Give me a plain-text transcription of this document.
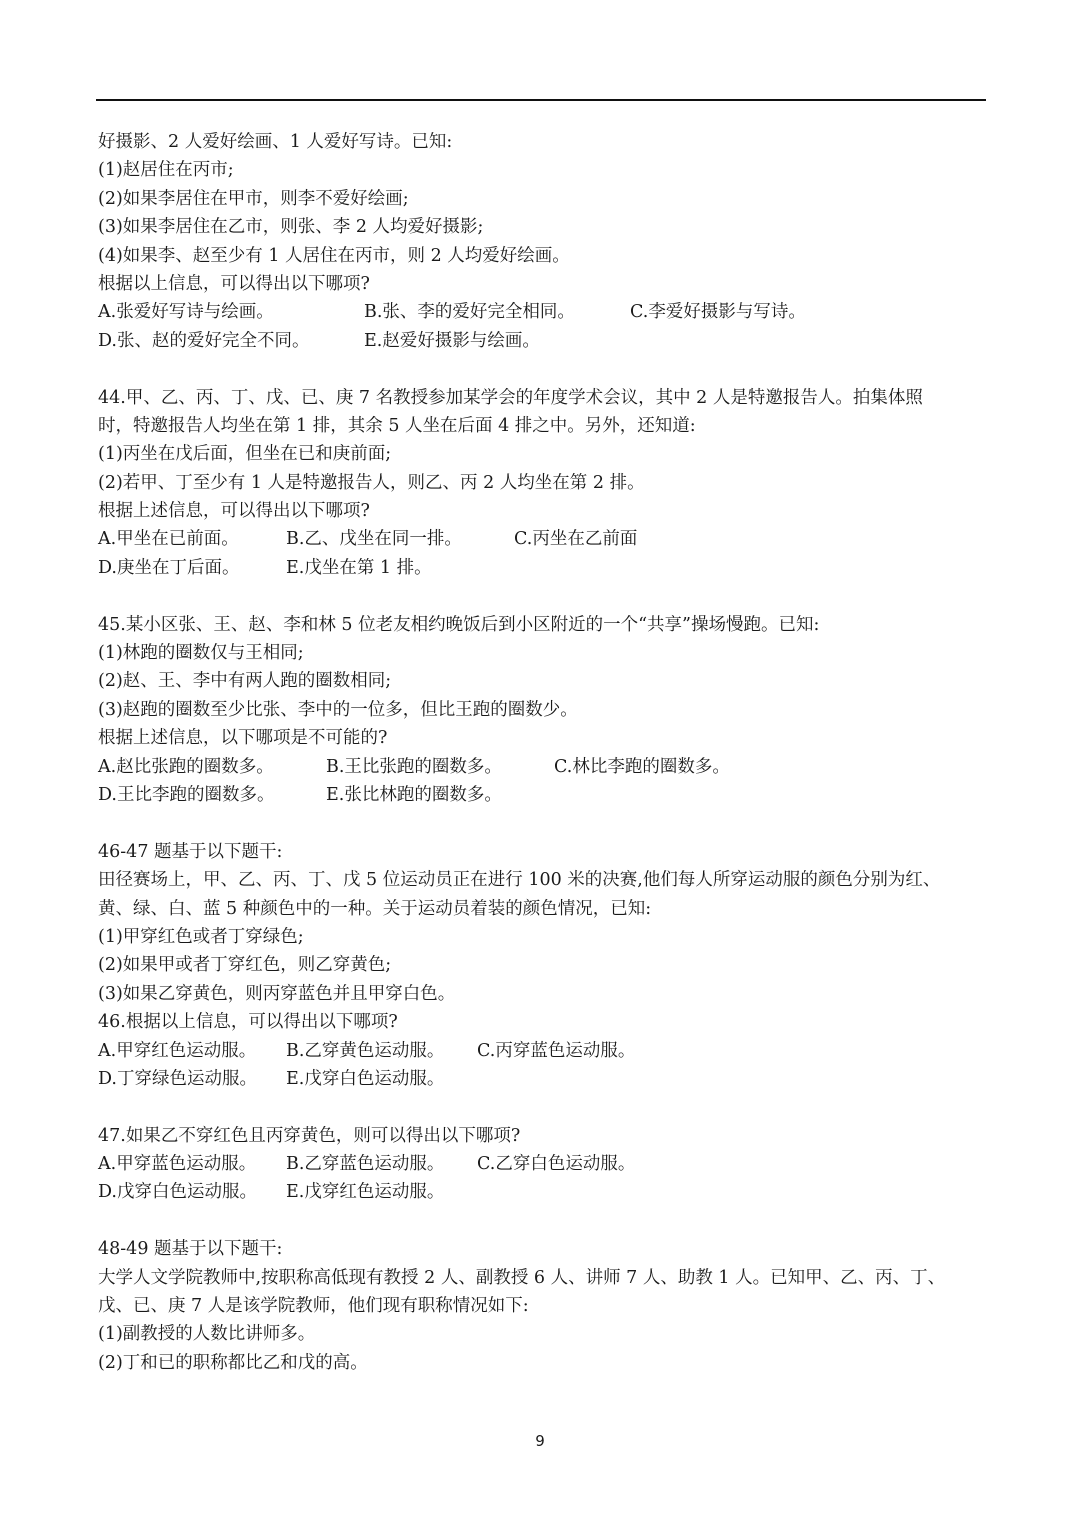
好摄影、2 人爱好绘画、1 人爱好写诗。已知:
(1)赵居住在丙市;
(2)如果李居住在甲市，则李不爱好绘画;
(3)如果李居住在乙市，则张、李 2 人均爱好摄影;
(4)如果李、赵至少有 1 人居住在丙市，则 2 人均爱好绘画。
根据以上信息，可以得出以下哪项?
A.张爱好写诗与绘画。	B.张、李的爱好完全相同。	C.李爱好摄影与写诗。
D.张、赵的爱好完全不同。	E.赵爱好摄影与绘画。
44.甲、乙、丙、丁、戊、已、庚 7 名教授参加某学会的年度学术会议，其中 2 人是特邀报告人。拍集体照
时，特邀报告人均坐在第 1 排，其余 5 人坐在后面 4 排之中。另外，还知道:
(1)丙坐在戊后面，但坐在已和庚前面;
(2)若甲、丁至少有 1 人是特邀报告人，则乙、丙 2 人均坐在第 2 排。
根据上述信息，可以得出以下哪项?
A.甲坐在已前面。	B.乙、戊坐在同一排。	C.丙坐在乙前面
D.庚坐在丁后面。	E.戊坐在第 1 排。
45.某小区张、王、赵、李和林 5 位老友相约晚饭后到小区附近的一个“共享”操场慢跑。已知:
(1)林跑的圈数仅与王相同;
(2)赵、王、李中有两人跑的圈数相同;
(3)赵跑的圈数至少比张、李中的一位多，但比王跑的圈数少。
根据上述信息，以下哪项是不可能的?
A.赵比张跑的圈数多。	B.王比张跑的圈数多。	C.林比李跑的圈数多。
D.王比李跑的圈数多。	E.张比林跑的圈数多。
46-47 题基于以下题干:
田径赛场上，甲、乙、丙、丁、戊 5 位运动员正在进行 100 米的决赛,他们每人所穿运动服的颜色分别为红、
黄、绿、白、蓝 5 种颜色中的一种。关于运动员着装的颜色情况，已知:
(1)甲穿红色或者丁穿绿色;
(2)如果甲或者丁穿红色，则乙穿黄色;
(3)如果乙穿黄色，则丙穿蓝色并且甲穿白色。
46.根据以上信息，可以得出以下哪项?
A.甲穿红色运动服。	B.乙穿黄色运动服。	C.丙穿蓝色运动服。
D.丁穿绿色运动服。	E.戊穿白色运动服。
47.如果乙不穿红色且丙穿黄色，则可以得出以下哪项?
A.甲穿蓝色运动服。	B.乙穿蓝色运动服。	C.乙穿白色运动服。
D.戊穿白色运动服。	E.戊穿红色运动服。
48-49 题基于以下题干:
大学人文学院教师中,按职称高低现有教授 2 人、副教授 6 人、讲师 7 人、助教 1 人。已知甲、乙、丙、丁、
戊、已、庚 7 人是该学院教师，他们现有职称情况如下:
(1)副教授的人数比讲师多。
(2)丁和已的职称都比乙和戊的高。
9
